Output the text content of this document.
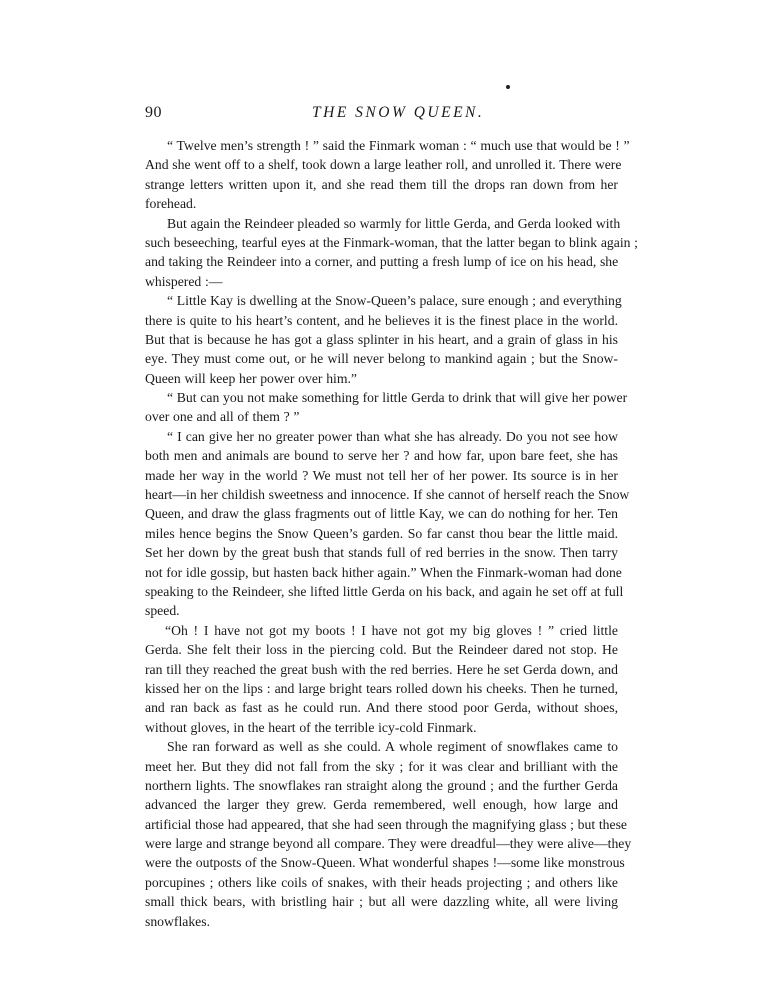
90	THE SNOW QUEEN.
“ Twelve men’s strength ! ” said the Finmark woman : “ much use that would be ! ”
And she went off to a shelf, took down a large leather roll, and unrolled it. There were
strange letters written upon it, and she read them till the drops ran down from her
forehead.
But again the Reindeer pleaded so warmly for little Gerda, and Gerda looked with
such beseeching, tearful eyes at the Finmark-woman, that the latter began to blink again ;
and taking the Reindeer into a corner, and putting a fresh lump of ice on his head, she
whispered :—
“ Little Kay is dwelling at the Snow-Queen’s palace, sure enough ; and everything
there is quite to his heart’s content, and he believes it is the finest place in the world.
But that is because he has got a glass splinter in his heart, and a grain of glass in his
eye. They must come out, or he will never belong to mankind again ; but the Snow-
Queen will keep her power over him.”
“ But can you not make something for little Gerda to drink that will give her power
over one and all of them ? ”
“ I can give her no greater power than what she has already. Do you not see how
both men and animals are bound to serve her ? and how far, upon bare feet, she has
made her way in the world ? We must not tell her of her power. Its source is in her
heart—in her childish sweetness and innocence. If she cannot of herself reach the Snow
Queen, and draw the glass fragments out of little Kay, we can do nothing for her. Ten
miles hence begins the Snow Queen’s garden. So far canst thou bear the little maid.
Set her down by the great bush that stands full of red berries in the snow. Then tarry
not for idle gossip, but hasten back hither again.” When the Finmark-woman had done
speaking to the Reindeer, she lifted little Gerda on his back, and again he set off at full
speed.
“Oh ! I have not got my boots ! I have not got my big gloves ! ” cried little
Gerda. She felt their loss in the piercing cold. But the Reindeer dared not stop. He
ran till they reached the great bush with the red berries. Here he set Gerda down, and
kissed her on the lips : and large bright tears rolled down his cheeks. Then he turned,
and ran back as fast as he could run. And there stood poor Gerda, without shoes,
without gloves, in the heart of the terrible icy-cold Finmark.
She ran forward as well as she could. A whole regiment of snowflakes came to
meet her. But they did not fall from the sky ; for it was clear and brilliant with the
northern lights. The snowflakes ran straight along the ground ; and the further Gerda
advanced the larger they grew. Gerda remembered, well enough, how large and
artificial those had appeared, that she had seen through the magnifying glass ; but these
were large and strange beyond all compare. They were dreadful—they were alive—they
were the outposts of the Snow-Queen. What wonderful shapes !—some like monstrous
porcupines ; others like coils of snakes, with their heads projecting ; and others like
small thick bears, with bristling hair ; but all were dazzling white, all were living
snowflakes.
